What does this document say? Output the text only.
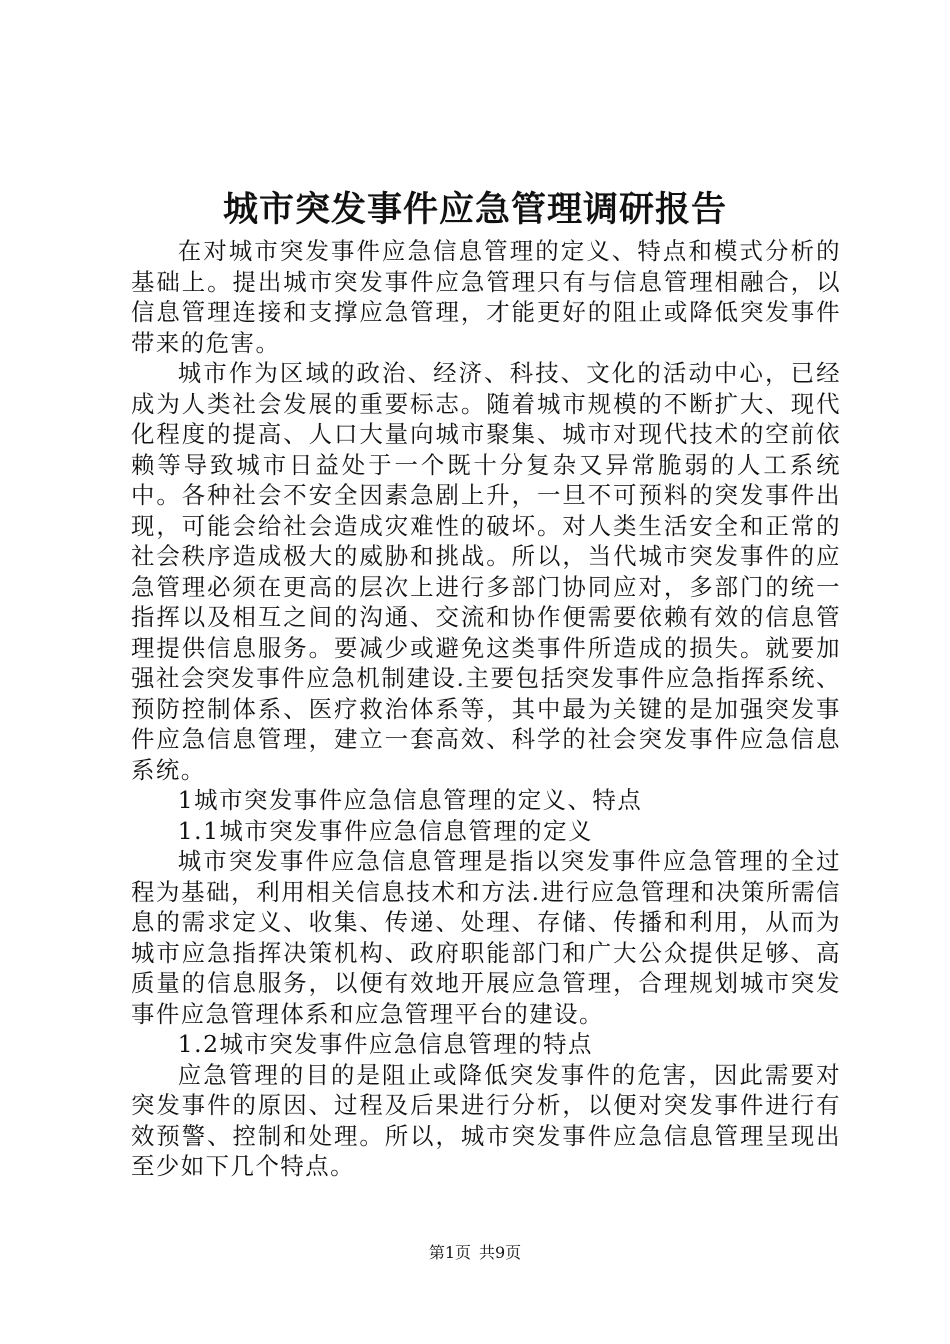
城市突发事件应急管理调研报告

在对城市突发事件应急信息管理的定义、特点和模式分析的基础上。提出城市突发事件应急管理只有与信息管理相融合，以信息管理连接和支撑应急管理，才能更好的阻止或降低突发事件带来的危害。

城市作为区域的政治、经济、科技、文化的活动中心，已经成为人类社会发展的重要标志。随着城市规模的不断扩大、现代化程度的提高、人口大量向城市聚集、城市对现代技术的空前依赖等导致城市日益处于一个既十分复杂又异常脆弱的人工系统中。各种社会不安全因素急剧上升，一旦不可预料的突发事件出现，可能会给社会造成灾难性的破坏。对人类生活安全和正常的社会秩序造成极大的威胁和挑战。所以，当代城市突发事件的应急管理必须在更高的层次上进行多部门协同应对，多部门的统一指挥以及相互之间的沟通、交流和协作便需要依赖有效的信息管理提供信息服务。要减少或避免这类事件所造成的损失。就要加强社会突发事件应急机制建设.主要包括突发事件应急指挥系统、预防控制体系、医疗救治体系等，其中最为关键的是加强突发事件应急信息管理，建立一套高效、科学的社会突发事件应急信息系统。

1城市突发事件应急信息管理的定义、特点

1.1城市突发事件应急信息管理的定义

城市突发事件应急信息管理是指以突发事件应急管理的全过程为基础，利用相关信息技术和方法.进行应急管理和决策所需信息的需求定义、收集、传递、处理、存储、传播和利用，从而为城市应急指挥决策机构、政府职能部门和广大公众提供足够、高质量的信息服务，以便有效地开展应急管理，合理规划城市突发事件应急管理体系和应急管理平台的建设。

1.2城市突发事件应急信息管理的特点

应急管理的目的是阻止或降低突发事件的危害，因此需要对突发事件的原因、过程及后果进行分析，以便对突发事件进行有效预警、控制和处理。所以，城市突发事件应急信息管理呈现出至少如下几个特点。

第1页 共9页
